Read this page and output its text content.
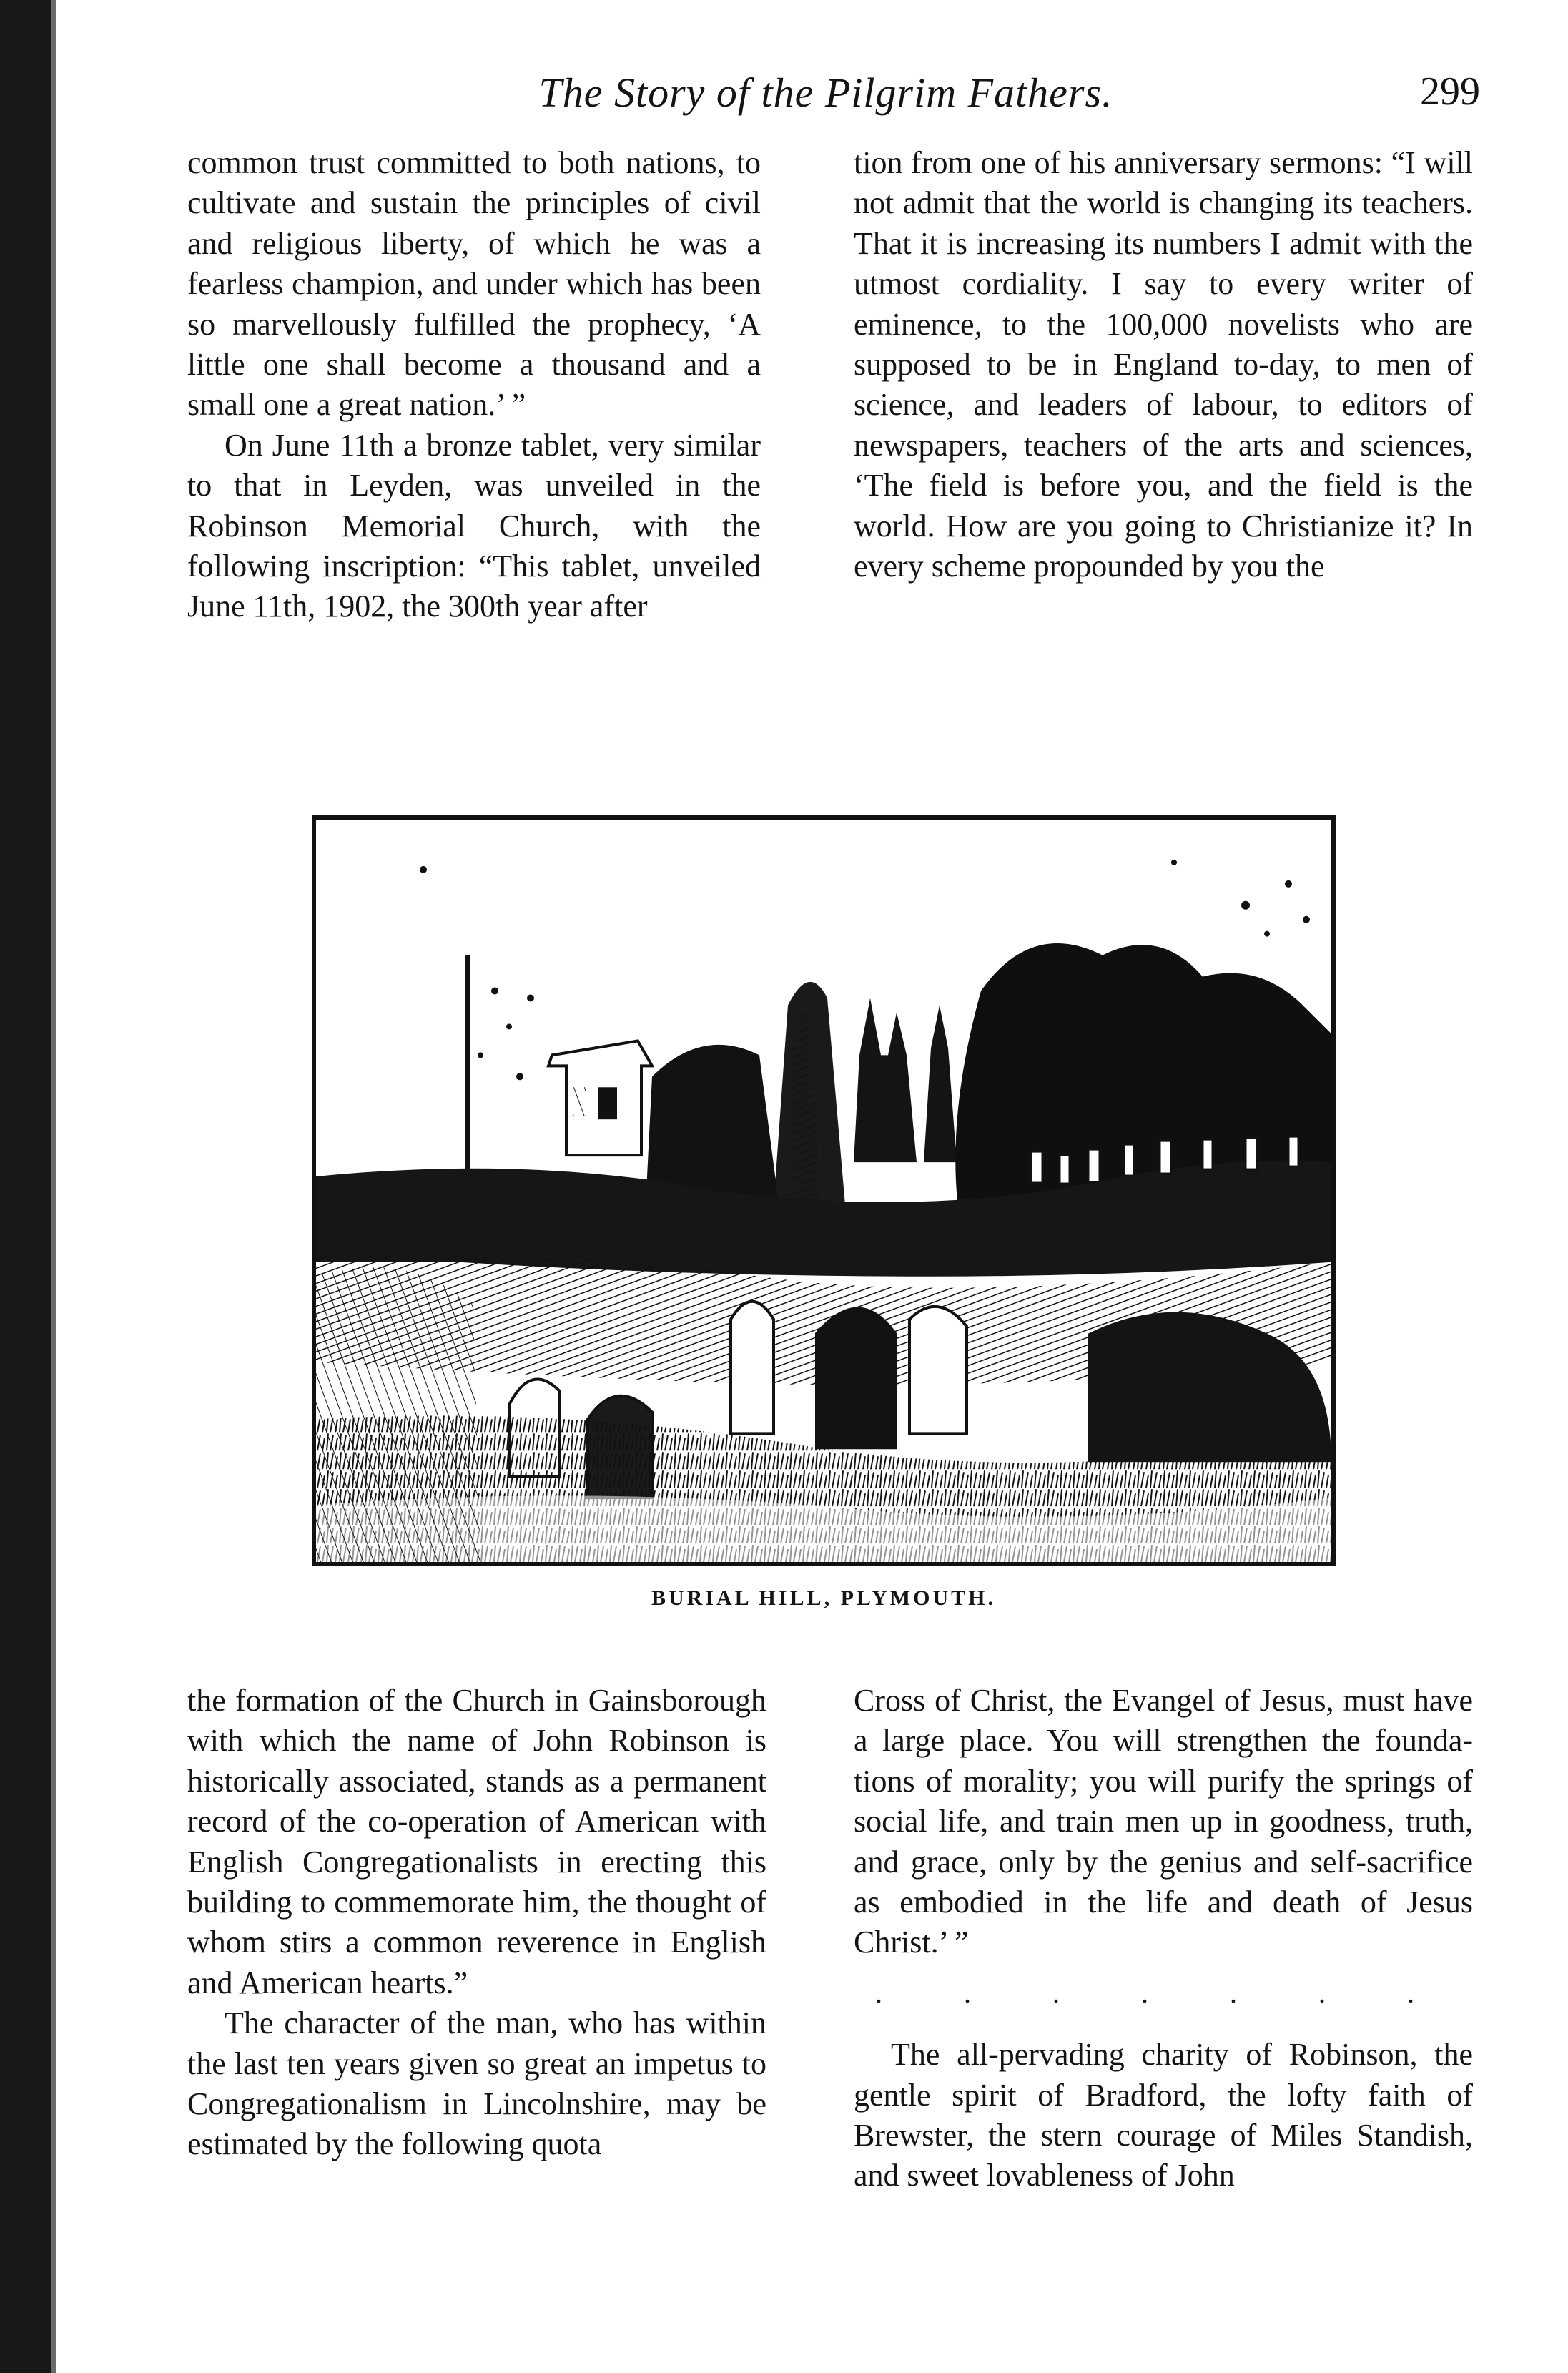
The Story of the Pilgrim Fathers.	299

common trust committed to both nations, to cultivate and sustain the principles of civil and religious liberty, of which he was a fearless champion, and under which has been so marvellously fulfilled the prophecy, ‘A little one shall become a thousand and a small one a great nation.’ ”

On June 11th a bronze tablet, very similar to that in Leyden, was unveiled in the Robinson Memorial Church, with the following inscription: “This tablet, unveiled June 11th, 1902, the 300th year after

tion from one of his anniversary sermons: “I will not admit that the world is changing its teachers. That it is increasing its numbers I admit with the utmost cordiality. I say to every writer of eminence, to the 100,000 novelists who are supposed to be in England to-day, to men of science, and leaders of labour, to editors of newspapers, teachers of the arts and sciences, ‘The field is before you, and the field is the world. How are you going to Christianize it? In every scheme propounded by you the

BURIAL HILL, PLYMOUTH.

the formation of the Church in Gainsborough with which the name of John Robinson is historically associated, stands as a permanent record of the co-operation of American with English Congregationalists in erecting this building to commemorate him, the thought of whom stirs a common reverence in English and American hearts.”

The character of the man, who has within the last ten years given so great an impetus to Congregationalism in Lincolnshire, may be estimated by the following quota

Cross of Christ, the Evangel of Jesus, must have a large place. You will strengthen the foundations of morality; you will purify the springs of social life, and train men up in goodness, truth, and grace, only by the genius and self-sacrifice as embodied in the life and death of Jesus Christ.’ ”

. . . . . . .

The all-pervading charity of Robinson, the gentle spirit of Bradford, the lofty faith of Brewster, the stern courage of Miles Standish, and sweet lovableness of John
